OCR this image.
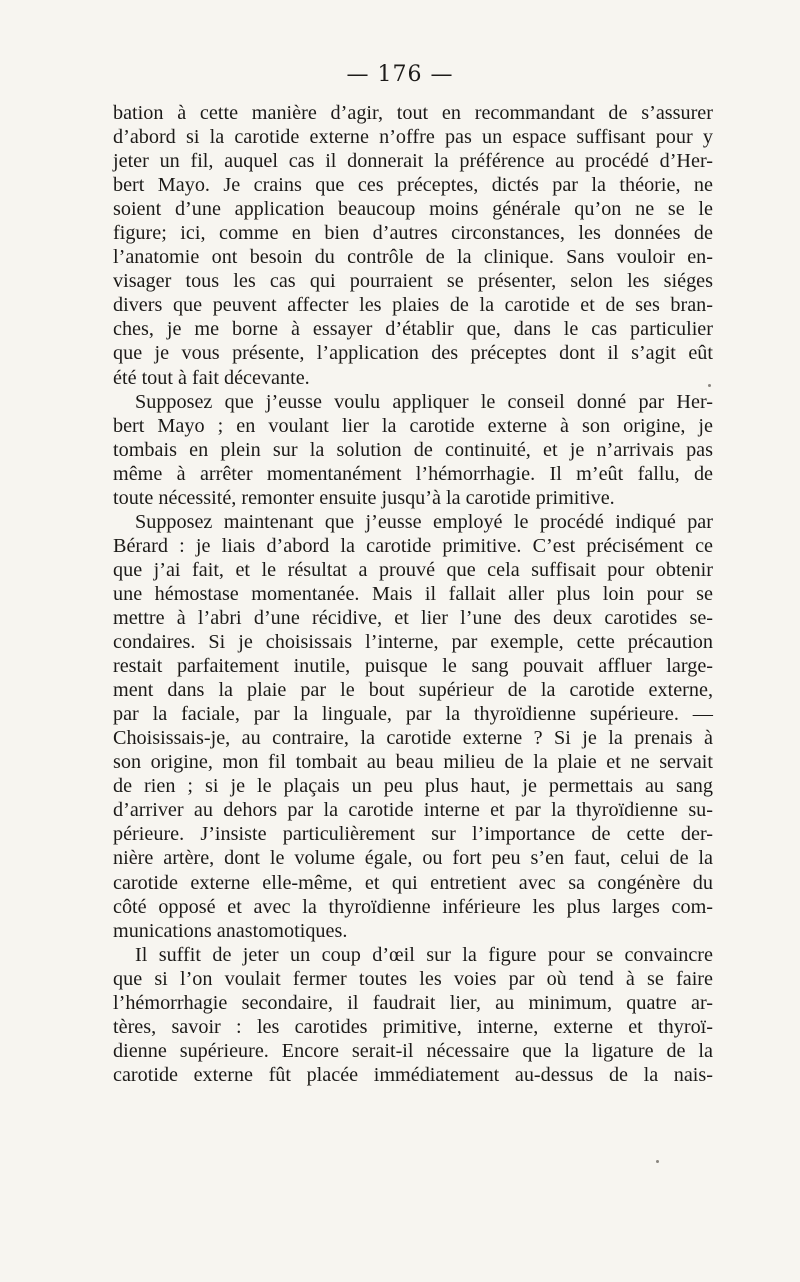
— 176 —
bation à cette manière d’agir, tout en recommandant de s’assurer
d’abord si la carotide externe n’offre pas un espace suffisant pour y
jeter un fil, auquel cas il donnerait la préférence au procédé d’Her-
bert Mayo. Je crains que ces préceptes, dictés par la théorie, ne
soient d’une application beaucoup moins générale qu’on ne se le
figure; ici, comme en bien d’autres circonstances, les données de
l’anatomie ont besoin du contrôle de la clinique. Sans vouloir en-
visager tous les cas qui pourraient se présenter, selon les siéges
divers que peuvent affecter les plaies de la carotide et de ses bran-
ches, je me borne à essayer d’établir que, dans le cas particulier
que je vous présente, l’application des préceptes dont il s’agit eût
été tout à fait décevante.
Supposez que j’eusse voulu appliquer le conseil donné par Her-
bert Mayo ; en voulant lier la carotide externe à son origine, je
tombais en plein sur la solution de continuité, et je n’arrivais pas
même à arrêter momentanément l’hémorrhagie. Il m’eût fallu, de
toute nécessité, remonter ensuite jusqu’à la carotide primitive.
Supposez maintenant que j’eusse employé le procédé indiqué par
Bérard : je liais d’abord la carotide primitive. C’est précisément ce
que j’ai fait, et le résultat a prouvé que cela suffisait pour obtenir
une hémostase momentanée. Mais il fallait aller plus loin pour se
mettre à l’abri d’une récidive, et lier l’une des deux carotides se-
condaires. Si je choisissais l’interne, par exemple, cette précaution
restait parfaitement inutile, puisque le sang pouvait affluer large-
ment dans la plaie par le bout supérieur de la carotide externe,
par la faciale, par la linguale, par la thyroïdienne supérieure. —
Choisissais-je, au contraire, la carotide externe ? Si je la prenais à
son origine, mon fil tombait au beau milieu de la plaie et ne servait
de rien ; si je le plaçais un peu plus haut, je permettais au sang
d’arriver au dehors par la carotide interne et par la thyroïdienne su-
périeure. J’insiste particulièrement sur l’importance de cette der-
nière artère, dont le volume égale, ou fort peu s’en faut, celui de la
carotide externe elle-même, et qui entretient avec sa congénère du
côté opposé et avec la thyroïdienne inférieure les plus larges com-
munications anastomotiques.
Il suffit de jeter un coup d’œil sur la figure pour se convaincre
que si l’on voulait fermer toutes les voies par où tend à se faire
l’hémorrhagie secondaire, il faudrait lier, au minimum, quatre ar-
tères, savoir : les carotides primitive, interne, externe et thyroï-
dienne supérieure. Encore serait-il nécessaire que la ligature de la
carotide externe fût placée immédiatement au-dessus de la nais-
